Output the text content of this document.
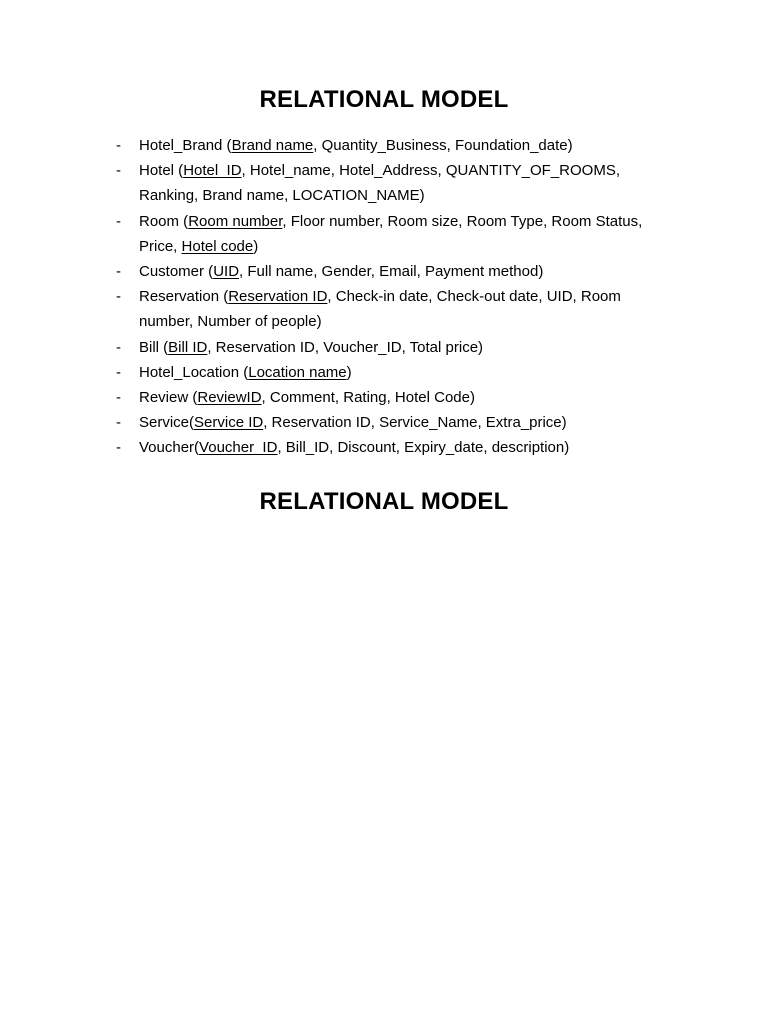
RELATIONAL MODEL
- Hotel_Brand (Brand name, Quantity_Business, Foundation_date)
- Hotel (Hotel_ID, Hotel_name, Hotel_Address, QUANTITY_OF_ROOMS, Ranking, Brand name, LOCATION_NAME)
- Room (Room number, Floor number, Room size, Room Type, Room Status, Price, Hotel code)
- Customer (UID, Full name, Gender, Email, Payment method)
- Reservation (Reservation ID, Check-in date, Check-out date, UID, Room number, Number of people)
- Bill (Bill ID, Reservation ID, Voucher_ID, Total price)
- Hotel_Location (Location name)
- Review (ReviewID, Comment, Rating, Hotel Code)
- Service(Service ID, Reservation ID, Service_Name, Extra_price)
- Voucher(Voucher_ID, Bill_ID, Discount, Expiry_date, description)
RELATIONAL MODEL
